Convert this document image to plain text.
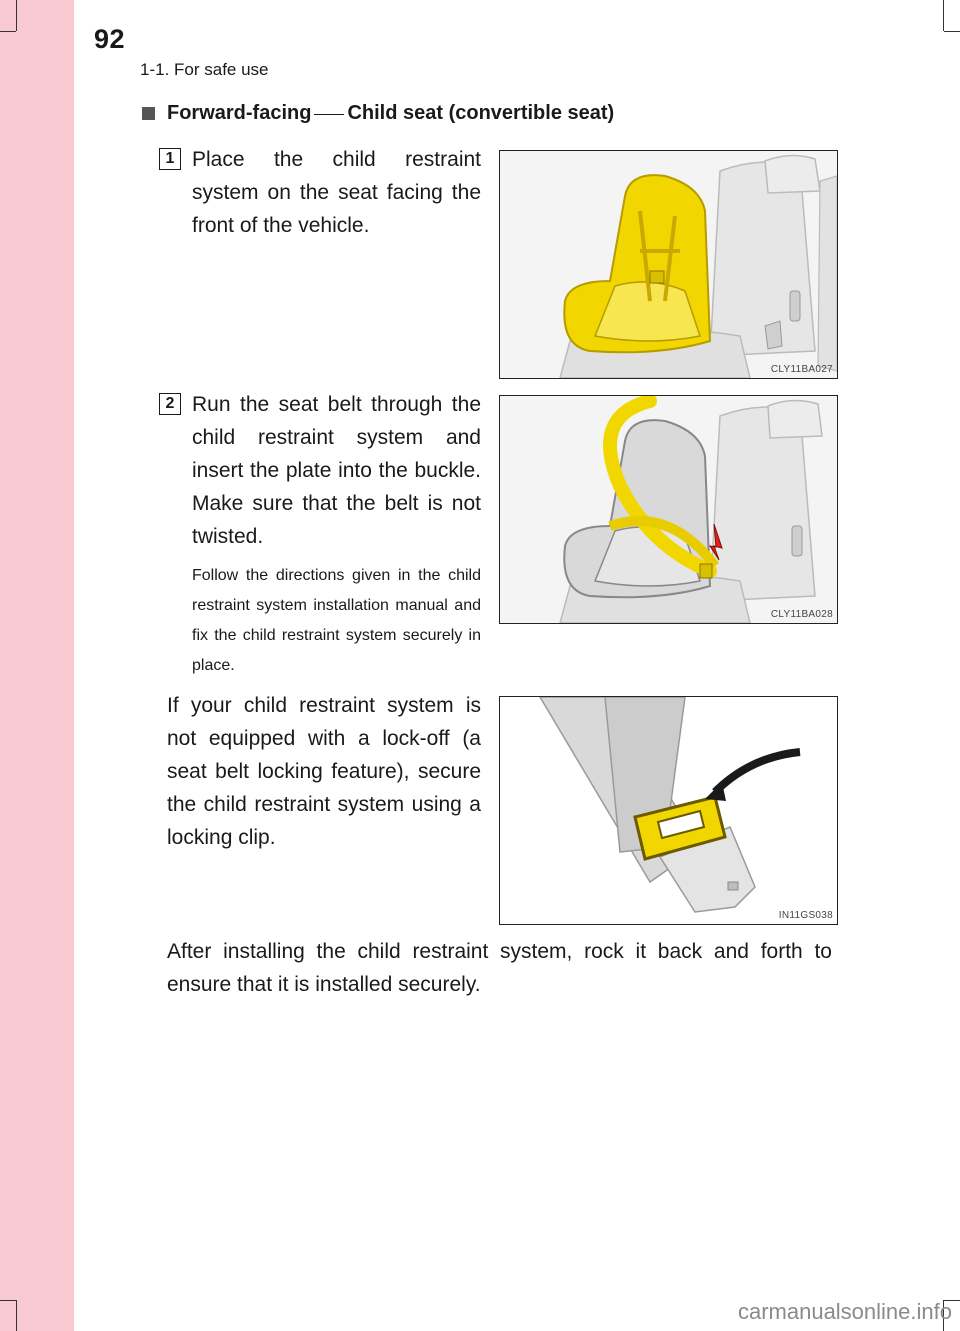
92
1-1. For safe use
Forward-facing Child seat (convertible seat)
1 Place the child restraint system on the seat facing the front of the vehicle.
CLY11BA027
2 Run the seat belt through the child restraint system and insert the plate into the buckle. Make sure that the belt is not twisted.
Follow the directions given in the child restraint system installation manual and fix the child restraint system securely in place.
CLY11BA028
If your child restraint system is not equipped with a lock-off (a seat belt locking feature), secure the child restraint system using a locking clip.
IN11GS038
After installing the child restraint system, rock it back and forth to ensure that it is installed securely.
carmanualsonline.info
